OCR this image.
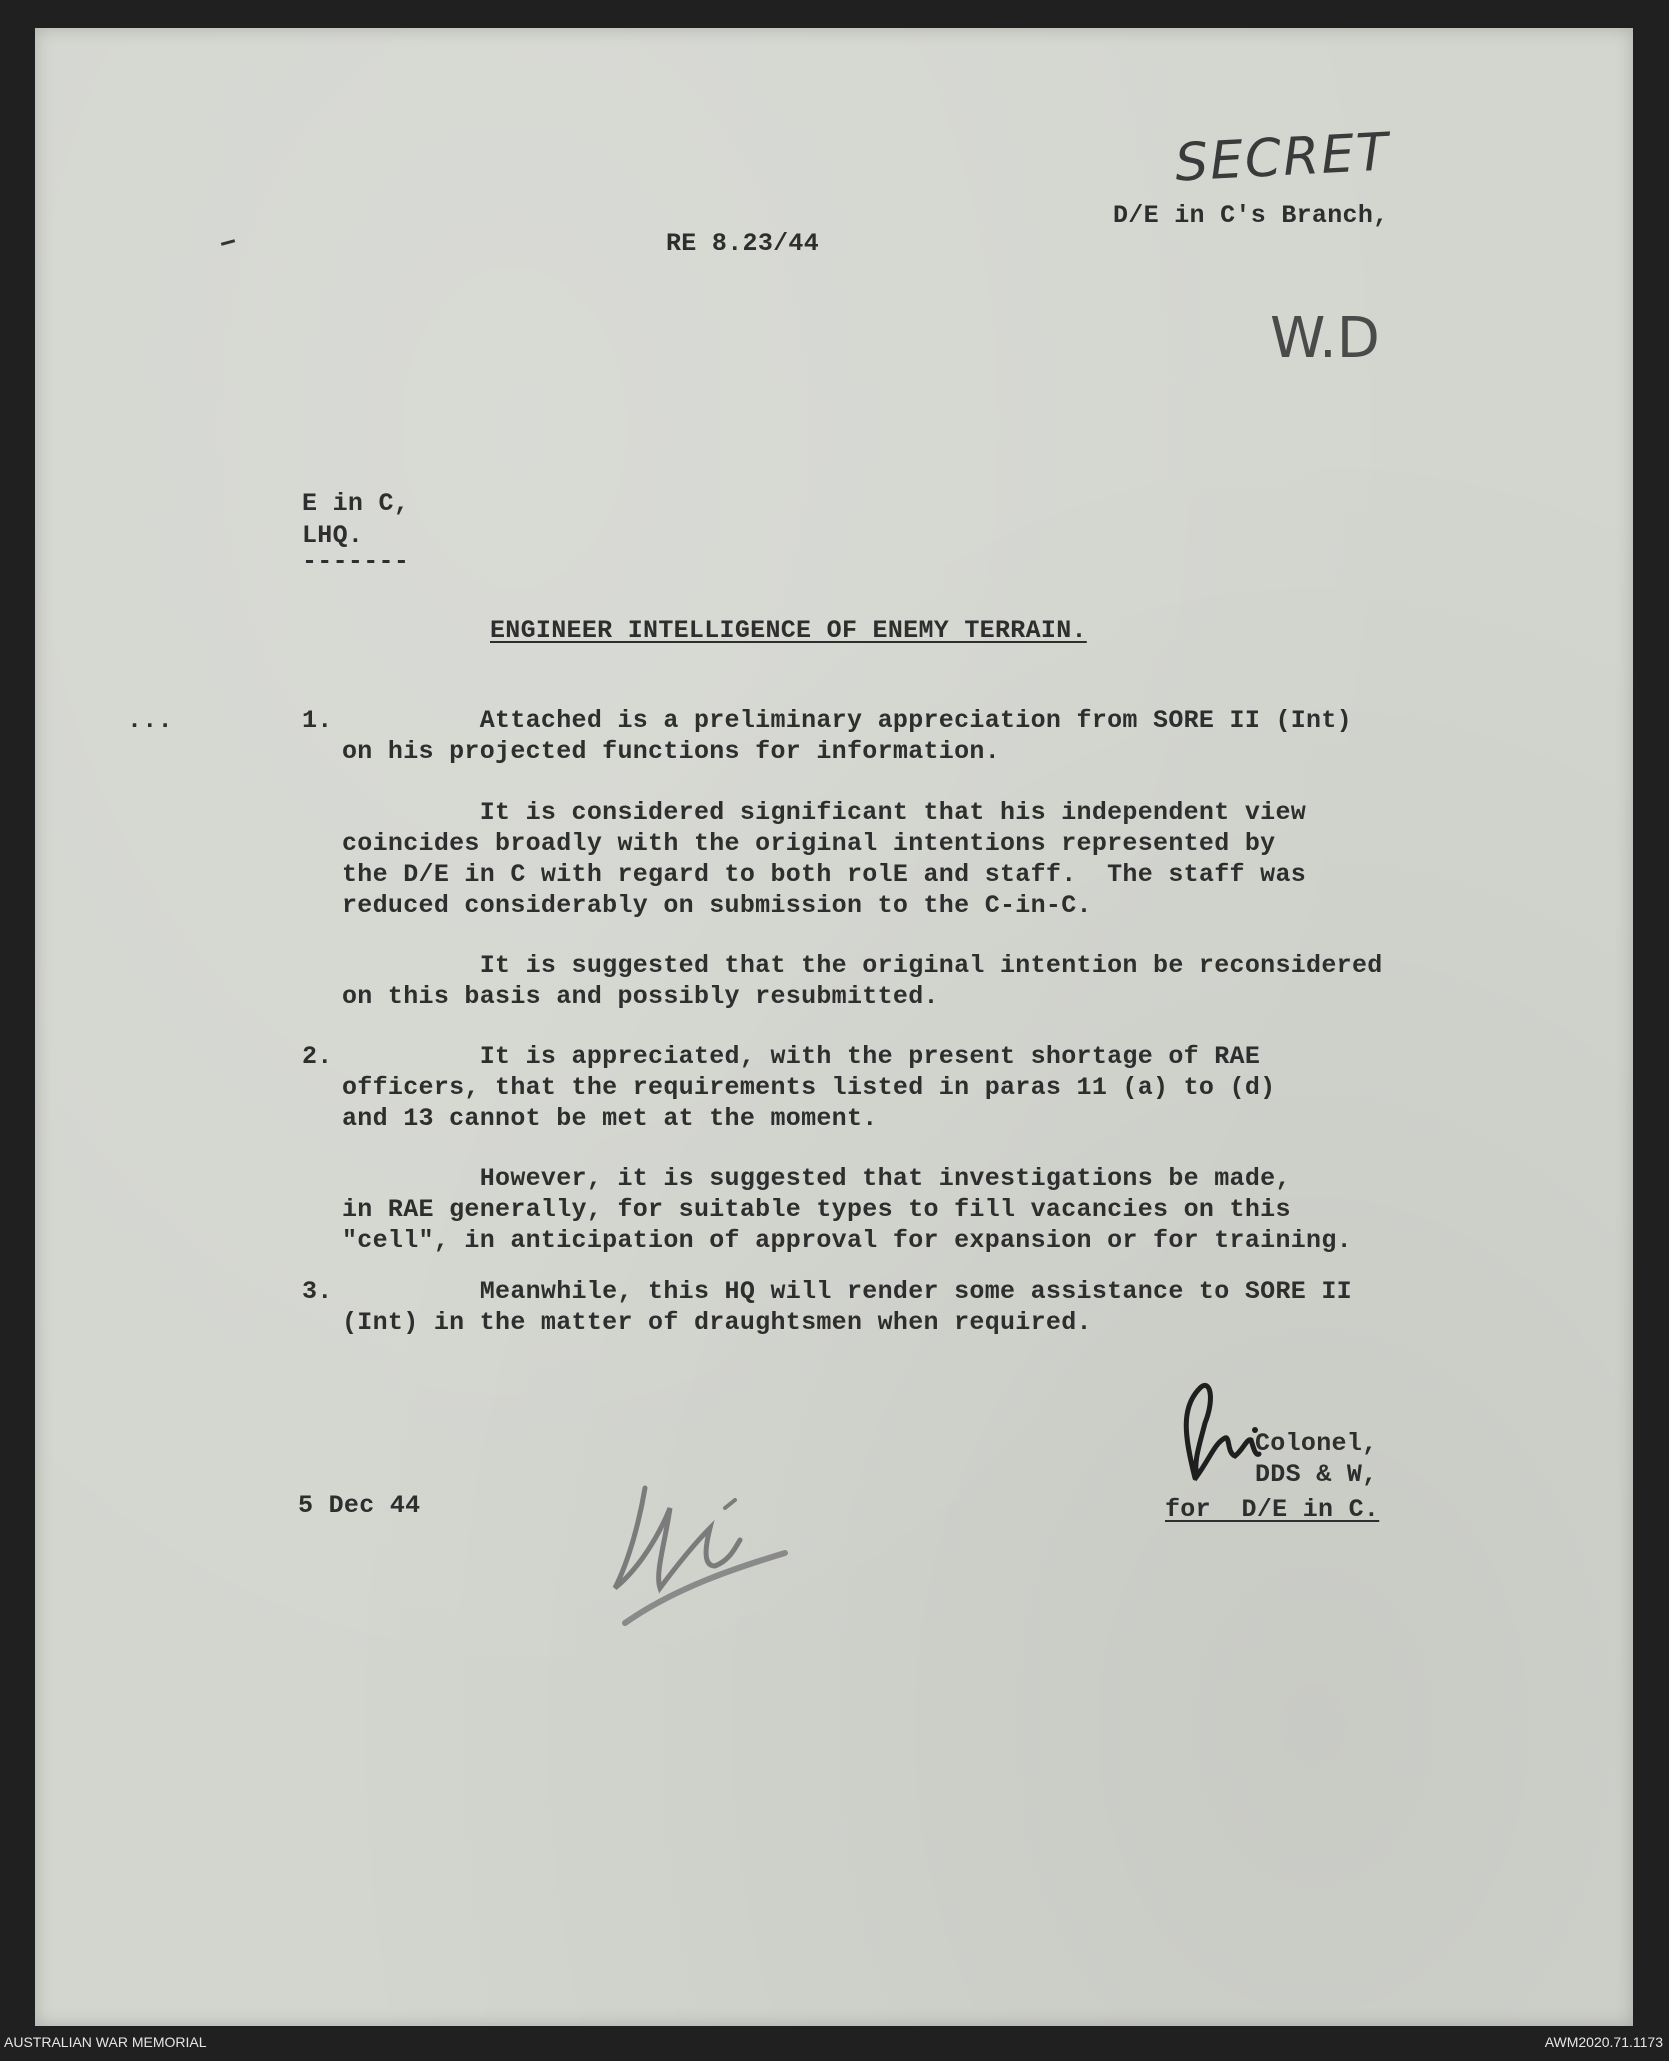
SECRET
W.D
RE 8.23/44
D/E in C's Branch,
E in C,
LHQ.
-------
ENGINEER INTELLIGENCE OF ENEMY TERRAIN.
...	1. Attached is a preliminary appreciation from SORE II (Int)
on his projected functions for information.
It is considered significant that his independent view
coincides broadly with the original intentions represented by
the D/E in C with regard to both rolE and staff.  The staff was
reduced considerably on submission to the C-in-C.
It is suggested that the original intention be reconsidered
on this basis and possibly resubmitted.
2. It is appreciated, with the present shortage of RAE
officers, that the requirements listed in paras 11 (a) to (d)
and 13 cannot be met at the moment.
However, it is suggested that investigations be made,
in RAE generally, for suitable types to fill vacancies on this
"cell", in anticipation of approval for expansion or for training.
3. Meanwhile, this HQ will render some assistance to SORE II
(Int) in the matter of draughtsmen when required.
Colonel,
DDS & W,
for  D/E in C.
5 Dec 44
AUSTRALIAN WAR MEMORIAL	AWM2020.71.1173
